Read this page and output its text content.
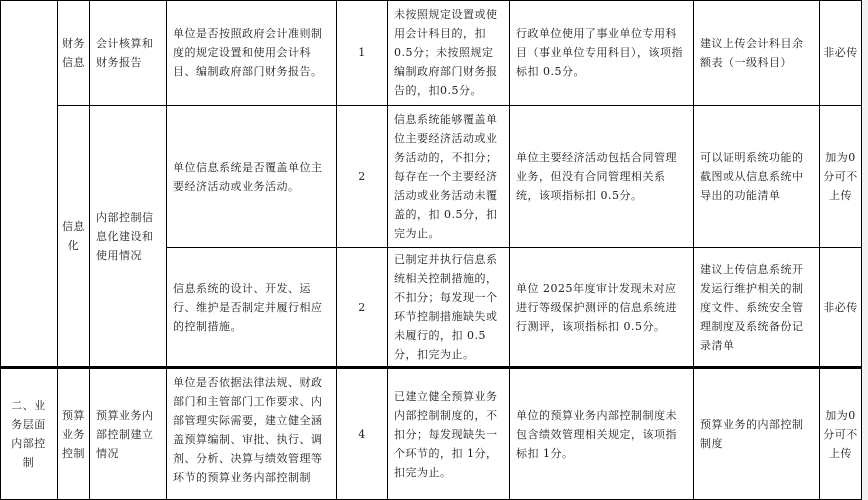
财务信息
会计核算和财务报告
单位是否按照政府会计准则制度的规定设置和使用会计科目、编制政府部门财务报告。
1
未按照规定设置或使用会计科目的，扣0.5分；未按照规定编制政府部门财务报告的，扣0.5分。
行政单位使用了事业单位专用科目（事业单位专用科目），该项指标扣 0.5分。
建议上传会计科目余额表（一级科目）
非必传
信息化
内部控制信息化建设和使用情况
单位信息系统是否覆盖单位主要经济活动或业务活动。
2
信息系统能够覆盖单位主要经济活动或业务活动的，不扣分；每存在一个主要经济活动或业务活动未覆盖的，扣 0.5分，扣完为止。
单位主要经济活动包括合同管理业务，但没有合同管理相关系统，该项指标扣 0.5分。
可以证明系统功能的截图或从信息系统中导出的功能清单
加为0分可不上传
信息系统的设计、开发、运行、维护是否制定并履行相应的控制措施。
2
已制定并执行信息系统相关控制措施的，不扣分；每发现一个环节控制措施缺失或未履行的，扣 0.5分，扣完为止。
单位 2025年度审计发现未对应进行等级保护测评的信息系统进行测评，该项指标扣 0.5分。
建议上传信息系统开发运行维护相关的制度文件、系统安全管理制度及系统备份记录清单
非必传
二、业务层面内部控制
预算业务控制
预算业务内部控制建立情况
单位是否依据法律法规、财政部门和主管部门工作要求、内部管理实际需要，建立健全涵盖预算编制、审批、执行、调剂、分析、决算与绩效管理等环节的预算业务内部控制制
4
已建立健全预算业务内部控制制度的，不扣分；每发现缺失一个环节的，扣 1分，扣完为止。
单位的预算业务内部控制制度未包含绩效管理相关规定，该项指标扣 1分。
预算业务的内部控制制度
加为0分可不上传
